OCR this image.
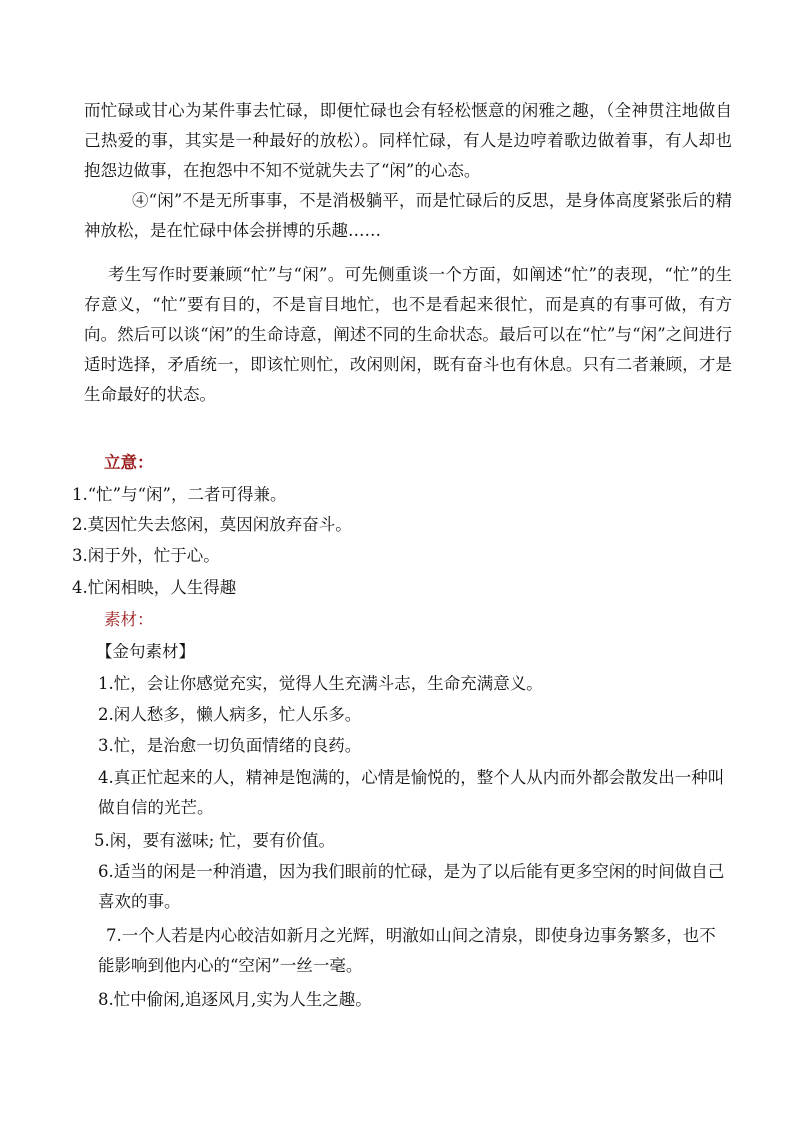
而忙碌或甘心为某件事去忙碌，即便忙碌也会有轻松惬意的闲雅之趣，（全神贯注地做自己热爱的事，其实是一种最好的放松）。同样忙碌，有人是边哼着歌边做着事，有人却也抱怨边做事，在抱怨中不知不觉就失去了“闲”的心态。

④“闲”不是无所事事，不是消极躺平，而是忙碌后的反思，是身体高度紧张后的精神放松，是在忙碌中体会拼博的乐趣……

考生写作时要兼顾“忙”与“闲”。可先侧重谈一个方面，如阐述“忙”的表现，“忙”的生存意义，“忙”要有目的，不是盲目地忙，也不是看起来很忙，而是真的有事可做，有方向。然后可以谈“闲”的生命诗意，阐述不同的生命状态。最后可以在“忙”与“闲”之间进行适时选择，矛盾统一，即该忙则忙，改闲则闲，既有奋斗也有休息。只有二者兼顾，才是生命最好的状态。

立意：

1.“忙”与“闲”，二者可得兼。

2.莫因忙失去悠闲，莫因闲放弃奋斗。

3.闲于外，忙于心。

4.忙闲相映，人生得趣

素材：

【金句素材】

1.忙，会让你感觉充实，觉得人生充满斗志，生命充满意义。

2.闲人愁多，懒人病多，忙人乐多。

3.忙，是治愈一切负面情绪的良药。

4.真正忙起来的人，精神是饱满的，心情是愉悦的，整个人从内而外都会散发出一种叫做自信的光芒。

5.闲，要有滋味; 忙，要有价值。

6.适当的闲是一种消遣，因为我们眼前的忙碌，是为了以后能有更多空闲的时间做自己喜欢的事。

7.一个人若是内心皎洁如新月之光辉，明澈如山间之清泉，即使身边事务繁多，也不能影响到他内心的“空闲”一丝一毫。

8.忙中偷闲,追逐风月,实为人生之趣。
